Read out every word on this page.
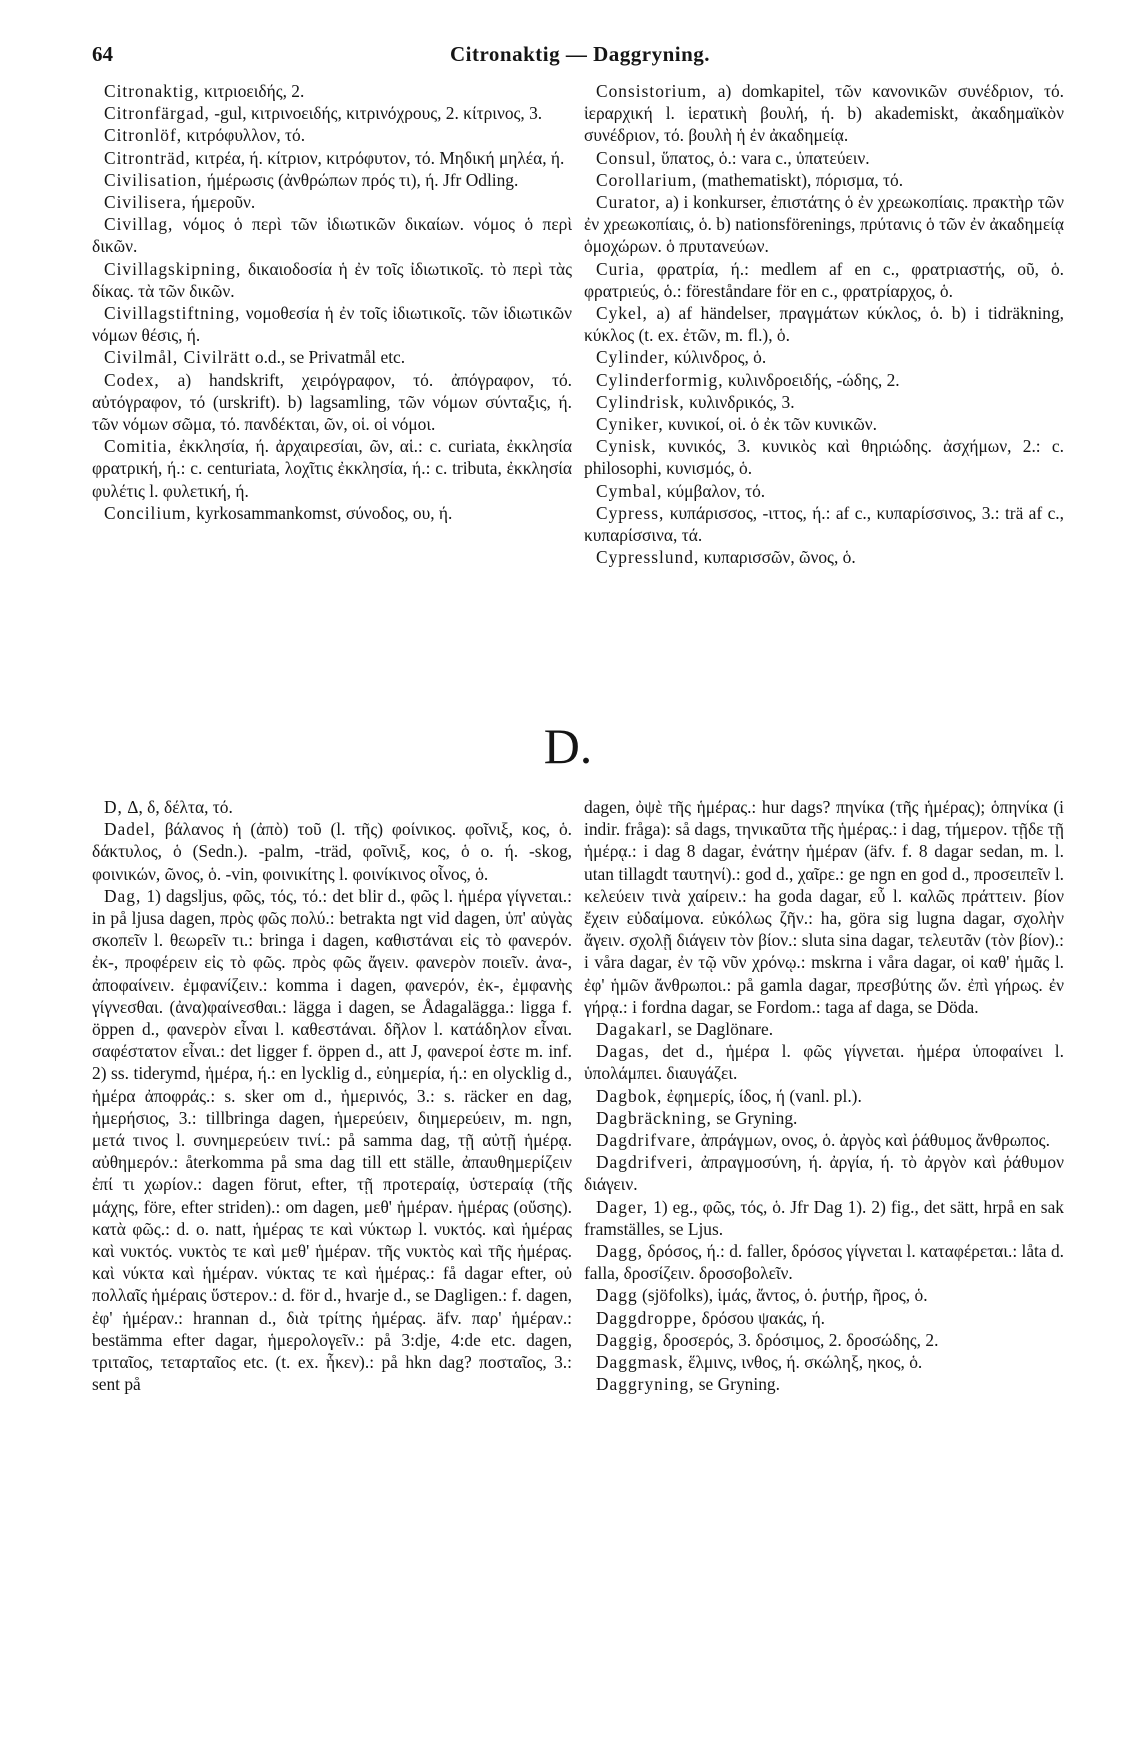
64	Citronaktig — Daggryning.

Citronaktig, κιτριοειδής, 2.

Citronfärgad, -gul, κιτρινοειδής, κιτρινόχρους, 2. κίτρινος, 3.

Citronlöf, κιτρόφυλλον, τό.

Citronträd, κιτρέα, ή. κίτριον, κιτρόφυτον, τό. Μηδική μηλέα, ή.

Civilisation, ήμέρωσις (ἀνθρώπων πρός τι), ή. Jfr Odling.

Civilisera, ήμεροῦν.

Civillag, νόμος ὁ περὶ τῶν ἰδιωτικῶν δικαίων. νόμος ὁ περὶ δικῶν.

Civillagskipning, δικαιοδοσία ἡ ἐν τοῖς ἰδιωτικοῖς. τὸ περὶ τὰς δίκας. τὰ τῶν δικῶν.

Civillagstiftning, νομοθεσία ἡ ἐν τοῖς ἰδιωτικοῖς. τῶν ἰδιωτικῶν νόμων θέσις, ή.

Civilmål, Civilrätt o.d., se Privatmål etc.

Codex, a) handskrift, χειρόγραφον, τό. ἀπόγραφον, τό. αὐτόγραφον, τό (urskrift). b) lagsamling, τῶν νόμων σύνταξις, ή. τῶν νόμων σῶμα, τό. πανδέκται, ῶν, οἱ. οἱ νόμοι.

Comitia, ἐκκλησία, ή. ἀρχαιρεσίαι, ῶν, αἱ.: c. curiata, ἐκκλησία φρατρική, ή.: c. centuriata, λοχῖτις ἐκκλησία, ή.: c. tributa, ἐκκλησία φυλέτις l. φυλετική, ή.

Concilium, kyrkosammankomst, σύνοδος, ου, ή.

Consistorium, a) domkapitel, τῶν κανονικῶν συνέδριον, τό. ἱεραρχική l. ἱερατικὴ βουλή, ή. b) akademiskt, ἀκαδημαϊκὸν συνέδριον, τό. βουλὴ ἡ ἐν ἀκαδημείᾳ.

Consul, ὕπατος, ὁ.: vara c., ὑπατεύειν.

Corollarium, (mathematiskt), πόρισμα, τό.

Curator, a) i konkurser, ἐπιστάτης ὁ ἐν χρεωκοπίαις. πρακτὴρ τῶν ἐν χρεωκοπίαις, ὁ. b) nationsförenings, πρύτανις ὁ τῶν ἐν ἀκαδημείᾳ ὁμοχώρων. ὁ πρυτανεύων.

Curia, φρατρία, ή.: medlem af en c., φρατριαστής, οῦ, ὁ. φρατριεύς, ὁ.: föreståndare för en c., φρατρίαρχος, ὁ.

Cykel, a) af händelser, πραγμάτων κύκλος, ὁ. b) i tidräkning, κύκλος (t. ex. ἐτῶν, m. fl.), ὁ.

Cylinder, κύλινδρος, ὁ.

Cylinderformig, κυλινδροειδής, -ώδης, 2.

Cylindrisk, κυλινδρικός, 3.

Cyniker, κυνικοί, οἱ. ὁ ἐκ τῶν κυνικῶν.

Cynisk, κυνικός, 3. κυνικὸς καὶ θηριώδης. ἀσχήμων, 2.: c. philosophi, κυνισμός, ὁ.

Cymbal, κύμβαλον, τό.

Cypress, κυπάρισσος, -ιττος, ή.: af c., κυπαρίσσινος, 3.: trä af c., κυπαρίσσινα, τά.

Cypresslund, κυπαρισσῶν, ῶνος, ὁ.

D.

D, Δ, δ, δέλτα, τό.

Dadel, βάλανος ἡ (ἀπὸ) τοῦ (l. τῆς) φοίνικος. φοῖνιξ, κος, ὁ. δάκτυλος, ὁ (Sedn.). -palm, -träd, φοῖνιξ, κος, ὁ o. ή. -skog, φοινικών, ῶνος, ὁ. -vin, φοινικίτης l. φοινίκινος οἶνος, ὁ.

Dag, 1) dagsljus, φῶς, τός, τό.: det blir d., φῶς l. ἡμέρα γίγνεται.: in på ljusa dagen, πρὸς φῶς πολύ.: betrakta ngt vid dagen, ὑπ' αὐγὰς σκοπεῖν l. θεωρεῖν τι.: bringa i dagen, καθιστάναι εἰς τὸ φανερόν. ἐκ-, προφέρειν εἰς τὸ φῶς. πρὸς φῶς ἄγειν. φανερὸν ποιεῖν. ἀνα-, ἀποφαίνειν. ἐμφανίζειν.: komma i dagen, φανερόν, ἐκ-, ἐμφανὴς γίγνεσθαι. (ἀνα)φαίνεσθαι.: lägga i dagen, se Ådagalägga.: ligga f. öppen d., φανερὸν εἶναι l. καθεστάναι. δῆλον l. κατάδηλον εἶναι. σαφέστατον εἶναι.: det ligger f. öppen d., att J, φανεροί ἐστε m. inf. 2) ss. tiderymd, ἡμέρα, ή.: en lycklig d., εὐημερία, ή.: en olycklig d., ἡμέρα ἀποφράς.: s. sker om d., ἡμερινός, 3.: s. räcker en dag, ἡμερήσιος, 3.: tillbringa dagen, ἡμερεύειν, διημερεύειν, m. ngn, μετά τινος l. συνημερεύειν τινί.: på samma dag, τῇ αὐτῇ ἡμέρᾳ. αὐθημερόν.: återkomma på sma dag till ett ställe, ἀπαυθημερίζειν ἐπί τι χωρίον.: dagen förut, efter, τῇ προτεραίᾳ, ὑστεραίᾳ (τῆς μάχης, före, efter striden).: om dagen, μεθ' ἡμέραν. ἡμέρας (οὔσης). κατὰ φῶς.: d. o. natt, ἡμέρας τε καὶ νύκτωρ l. νυκτός. καὶ ἡμέρας καὶ νυκτός. νυκτὸς τε καὶ μεθ' ἡμέραν. τῆς νυκτὸς καὶ τῆς ἡμέρας. καὶ νύκτα καὶ ἡμέραν. νύκτας τε καὶ ἡμέρας.: få dagar efter, οὐ πολλαῖς ἡμέραις ὕστερον.: d. för d., hvarje d., se Dagligen.: f. dagen, ἐφ' ἡμέραν.: hrannan d., διὰ τρίτης ἡμέρας. äfv. παρ' ἡμέραν.: bestämma efter dagar, ἡμερολογεῖν.: på 3:dje, 4:de etc. dagen, τριταῖος, τεταρταῖος etc. (t. ex. ἧκεν).: på hkn dag? ποσταῖος, 3.: sent på

dagen, ὀψὲ τῆς ἡμέρας.: hur dags? πηνίκα (τῆς ἡμέρας); ὁπηνίκα (i indir. fråga): så dags, τηνικαῦτα τῆς ἡμέρας.: i dag, τήμερον. τῇδε τῇ ἡμέρᾳ.: i dag 8 dagar, ἐνάτην ἡμέραν (äfv. f. 8 dagar sedan, m. l. utan tillagdt ταυτηνί).: god d., χαῖρε.: ge ngn en god d., προσειπεῖν l. κελεύειν τινὰ χαίρειν.: ha goda dagar, εὖ l. καλῶς πράττειν. βίον ἔχειν εὐδαίμονα. εὐκόλως ζῆν.: ha, göra sig lugna dagar, σχολὴν ἄγειν. σχολῇ διάγειν τὸν βίον.: sluta sina dagar, τελευτᾶν (τὸν βίον).: i våra dagar, ἐν τῷ νῦν χρόνῳ.: mskrna i våra dagar, οἱ καθ' ἡμᾶς l. ἐφ' ἡμῶν ἄνθρωποι.: på gamla dagar, πρεσβύτης ὤν. ἐπὶ γήρως. ἐν γήρᾳ.: i fordna dagar, se Fordom.: taga af daga, se Döda.

Dagakarl, se Daglönare.

Dagas, det d., ἡμέρα l. φῶς γίγνεται. ἡμέρα ὑποφαίνει l. ὑπολάμπει. διαυγάζει.

Dagbok, ἐφημερίς, ίδος, ή (vanl. pl.).

Dagbräckning, se Gryning.

Dagdrifvare, ἀπράγμων, ονος, ὁ. ἀργὸς καὶ ῥάθυμος ἄνθρωπος.

Dagdrifveri, ἀπραγμοσύνη, ή. ἀργία, ή. τὸ ἀργὸν καὶ ῥάθυμον διάγειν.

Dager, 1) eg., φῶς, τός, ὁ. Jfr Dag 1). 2) fig., det sätt, hrpå en sak framställes, se Ljus.

Dagg, δρόσος, ή.: d. faller, δρόσος γίγνεται l. καταφέρεται.: låta d. falla, δροσίζειν. δροσοβολεῖν.

Dagg (sjöfolks), ἱμάς, ἄντος, ὁ. ῥυτήρ, ῆρος, ὁ.

Daggdroppe, δρόσου ψακάς, ή.

Daggig, δροσερός, 3. δρόσιμος, 2. δροσώδης, 2.

Daggmask, ἕλμινς, ινθος, ή. σκώληξ, ηκος, ὁ.

Daggryning, se Gryning.
